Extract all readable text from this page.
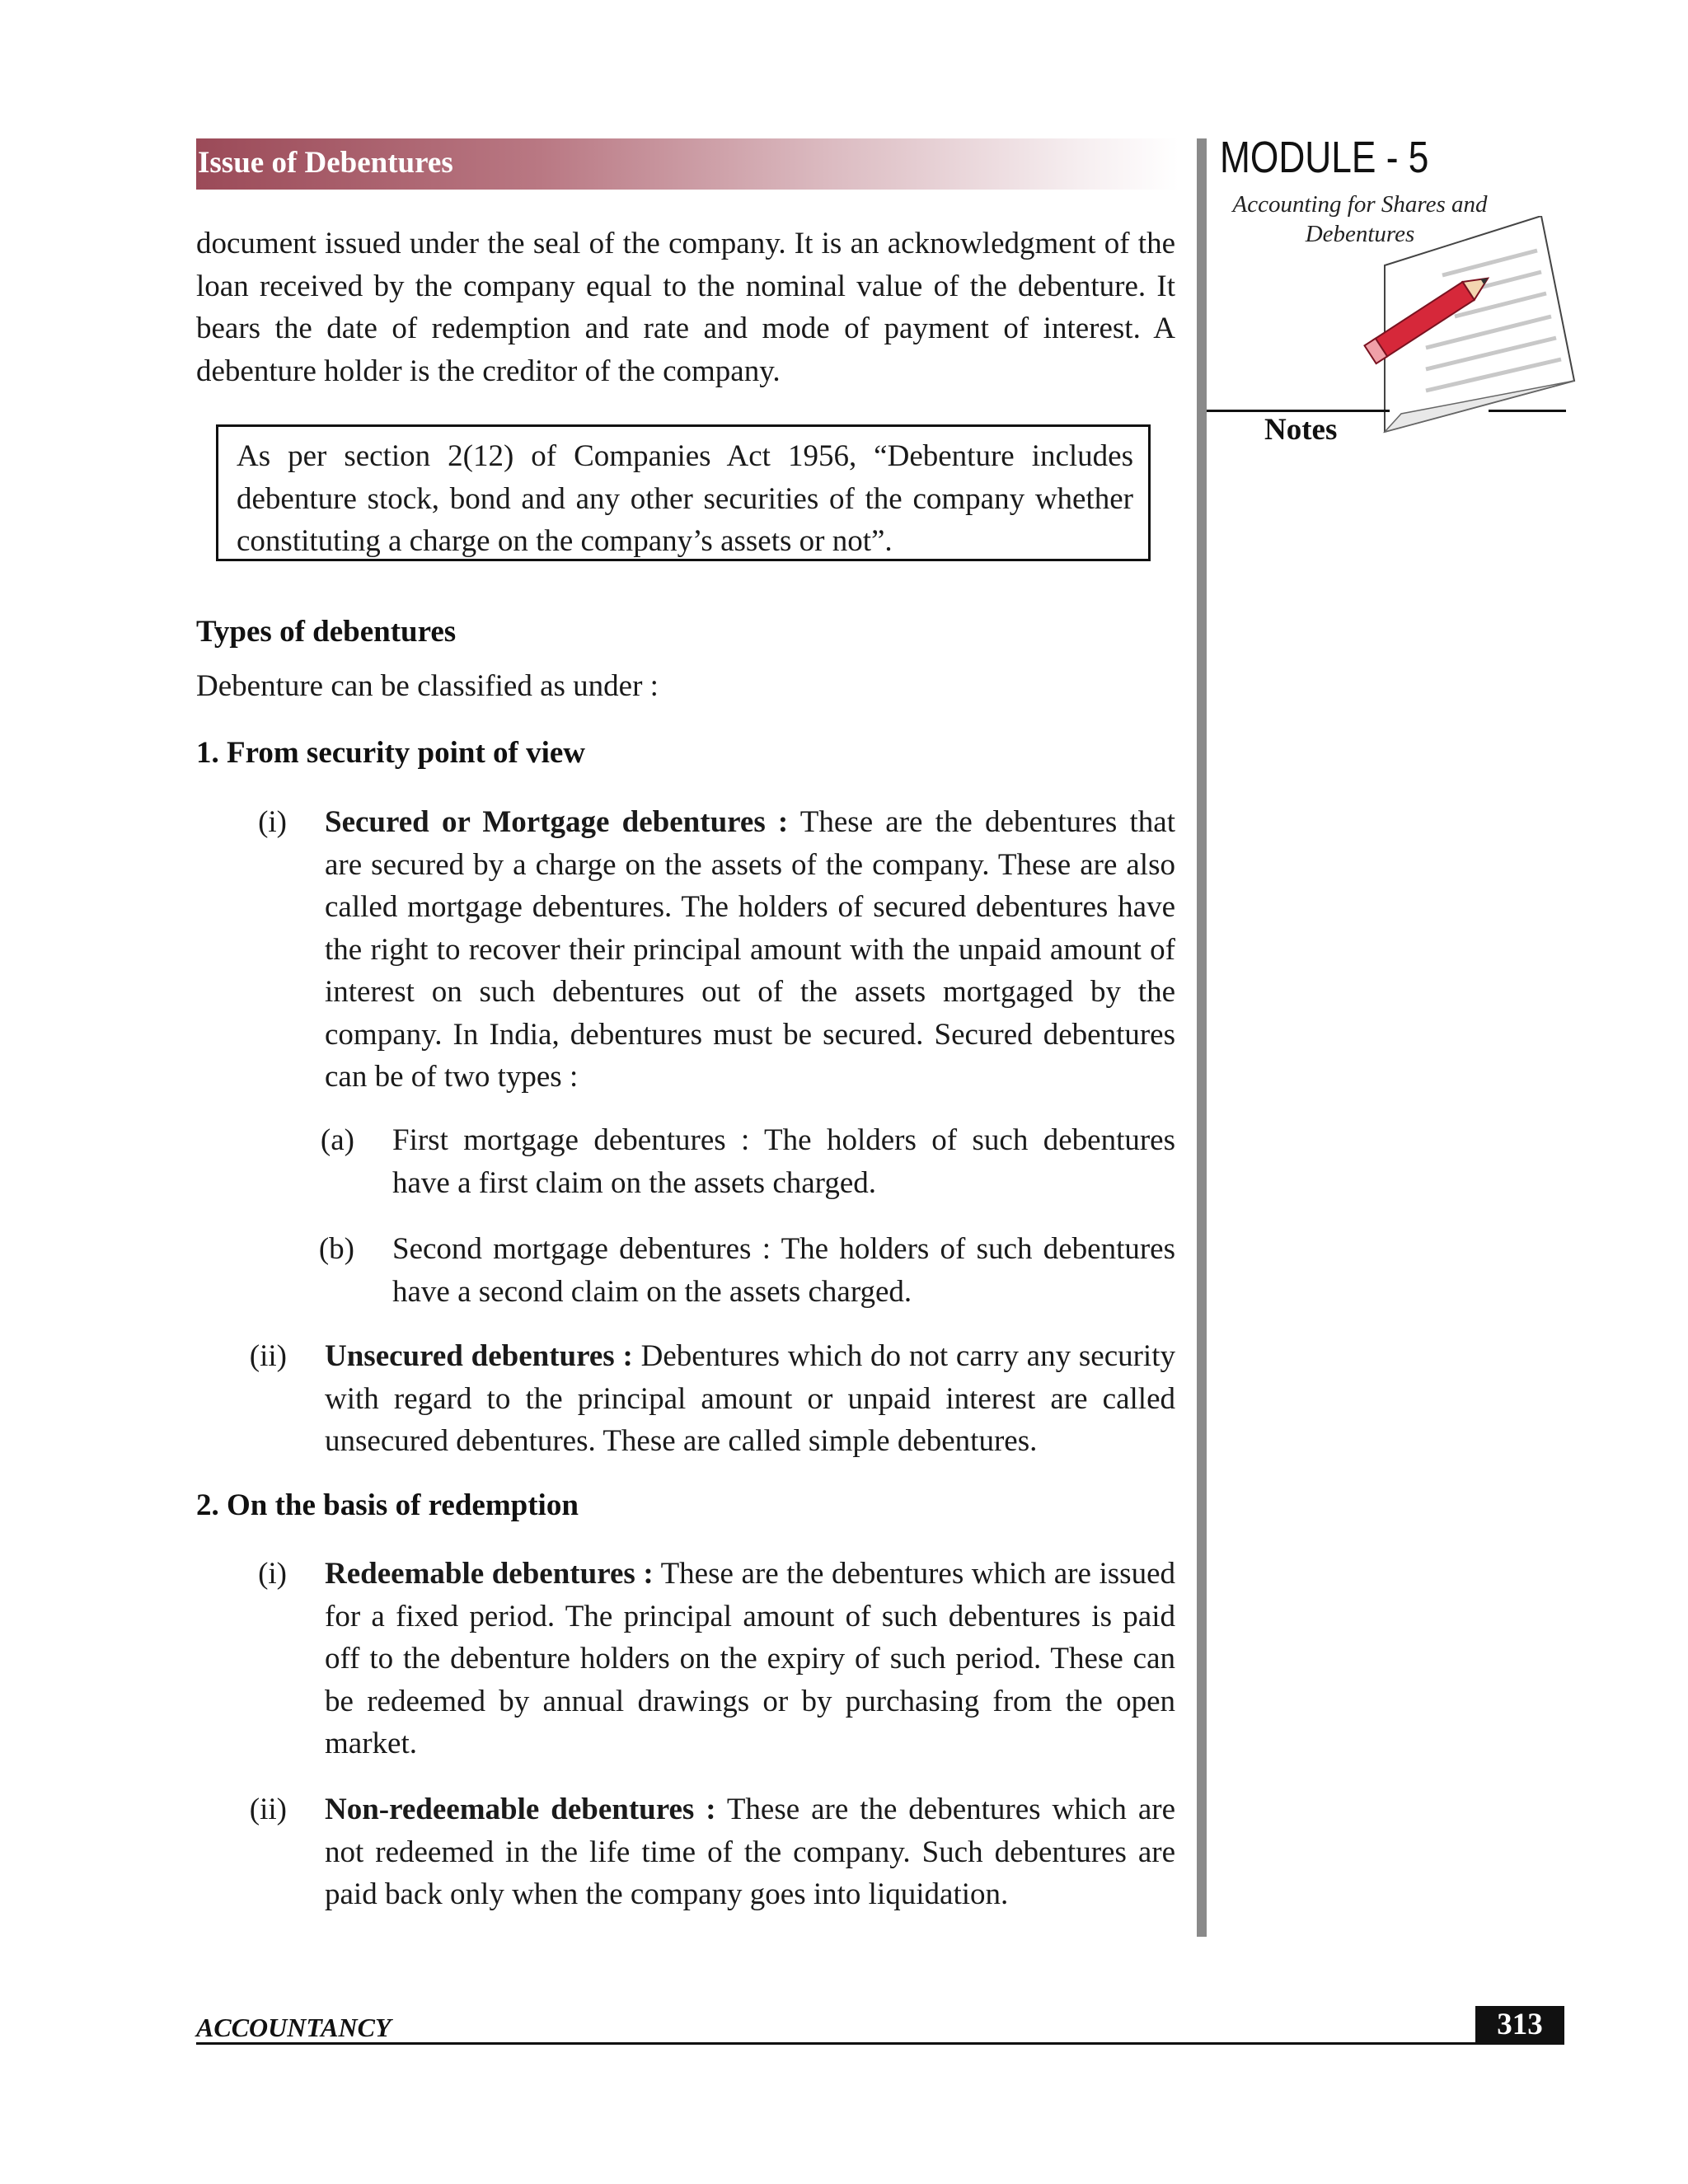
Issue of Debentures	MODULE - 5
Accounting for Shares and Debentures
Notes
document issued under the seal of the company. It is an acknowledgment of the loan received by the company equal to the nominal value of the debenture. It bears the date of redemption and rate and mode of payment of interest. A debenture holder is the creditor of the company.
As per section 2(12) of Companies Act 1956, “Debenture includes debenture stock, bond and any other securities of the company whether constituting a charge on the company’s assets or not”.
Types of debentures
Debenture can be classified as under :
1. From security point of view
(i) Secured or Mortgage debentures : These are the debentures that are secured by a charge on the assets of the company. These are also called mortgage debentures. The holders of secured debentures have the right to recover their principal amount with the unpaid amount of interest on such debentures out of the assets mortgaged by the company. In India, debentures must be secured. Secured debentures can be of two types :
(a) First mortgage debentures : The holders of such debentures have a first claim on the assets charged.
(b) Second mortgage debentures : The holders of such debentures have a second claim on the assets charged.
(ii) Unsecured debentures : Debentures which do not carry any security with regard to the principal amount or unpaid interest are called unsecured debentures. These are called simple debentures.
2. On the basis of redemption
(i) Redeemable debentures : These are the debentures which are issued for a fixed period. The principal amount of such debentures is paid off to the debenture holders on the expiry of such period. These can be redeemed by annual drawings or by purchasing from the open market.
(ii) Non-redeemable debentures : These are the debentures which are not redeemed in the life time of the company. Such debentures are paid back only when the company goes into liquidation.
ACCOUNTANCY	313
